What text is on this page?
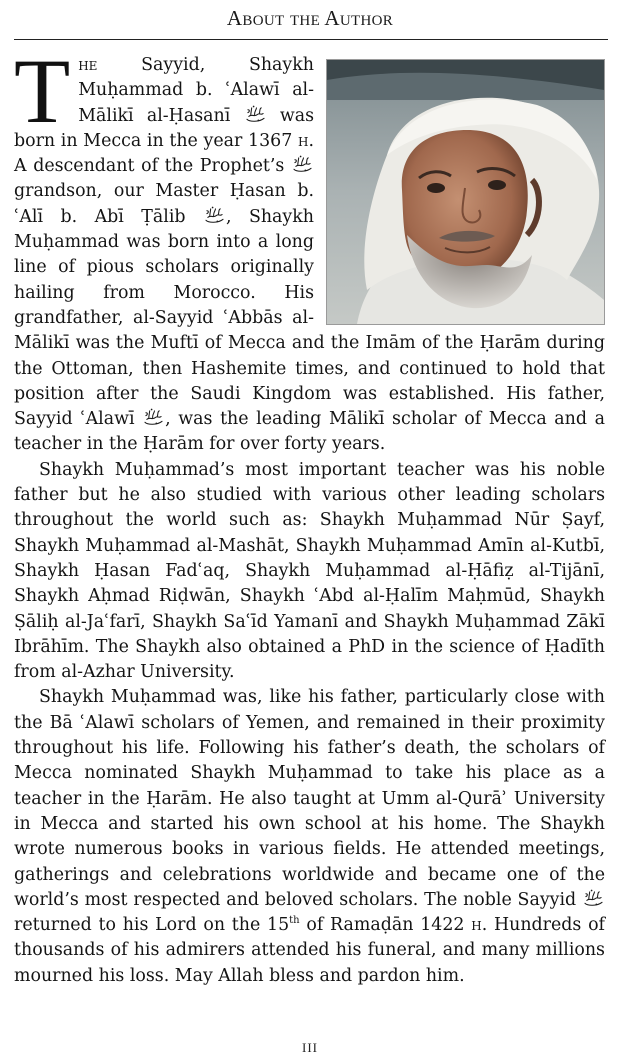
About the Author

The Sayyid, Shaykh Muḥammad b. ʿAlawī al-Mālikī al-Ḥasanī  was born in Mecca in the year 1367 h. A descendant of the Prophet’s  grandson, our Master Ḥasan b. ʿAlī b. Abī Ṭālib , Shaykh Muḥammad was born into a long line of pious scholars originally hailing from Morocco. His grandfather, al-Sayyid ʿAbbās al-Mālikī was the Muftī of Mecca and the Imām of the Ḥarām during the Ottoman, then Hashemite times, and continued to hold that position after the Saudi Kingdom was established. His father, Sayyid ʿAlawī , was the leading Mālikī scholar of Mecca and a teacher in the Ḥarām for over forty years.

Shaykh Muḥammad’s most important teacher was his noble father but he also studied with various other leading scholars throughout the world such as: Shaykh Muḥammad Nūr Ṣayf, Shaykh Muḥammad al-Mashāt, Shaykh Muḥammad Amīn al-Kutbī, Shaykh Ḥasan Fadʿaq, Shaykh Muḥammad al-Ḥāfiẓ al-Tijānī, Shaykh Aḥmad Riḍwān, Shaykh ʿAbd al-Ḥalīm Maḥmūd, Shaykh Ṣāliḥ al-Jaʿfarī, Shaykh Saʿīd Yamanī and Shaykh Muḥammad Zākī Ibrāhīm. The Shaykh also obtained a PhD in the science of Ḥadīth from al-Azhar University.

Shaykh Muḥammad was, like his father, particularly close with the Bā ʿAlawī scholars of Yemen, and remained in their proximity throughout his life. Following his father’s death, the scholars of Mecca nominated Shaykh Muḥammad to take his place as a teacher in the Ḥarām. He also taught at Umm al-Qurāʾ University in Mecca and started his own school at his home. The Shaykh wrote numerous books in various fields. He attended meetings, gatherings and celebrations worldwide and became one of the world’s most respected and beloved scholars. The noble Sayyid  returned to his Lord on the 15th of Ramaḍān 1422 h. Hundreds of thousands of his admirers attended his funeral, and many millions mourned his loss. May Allah bless and pardon him.

III
